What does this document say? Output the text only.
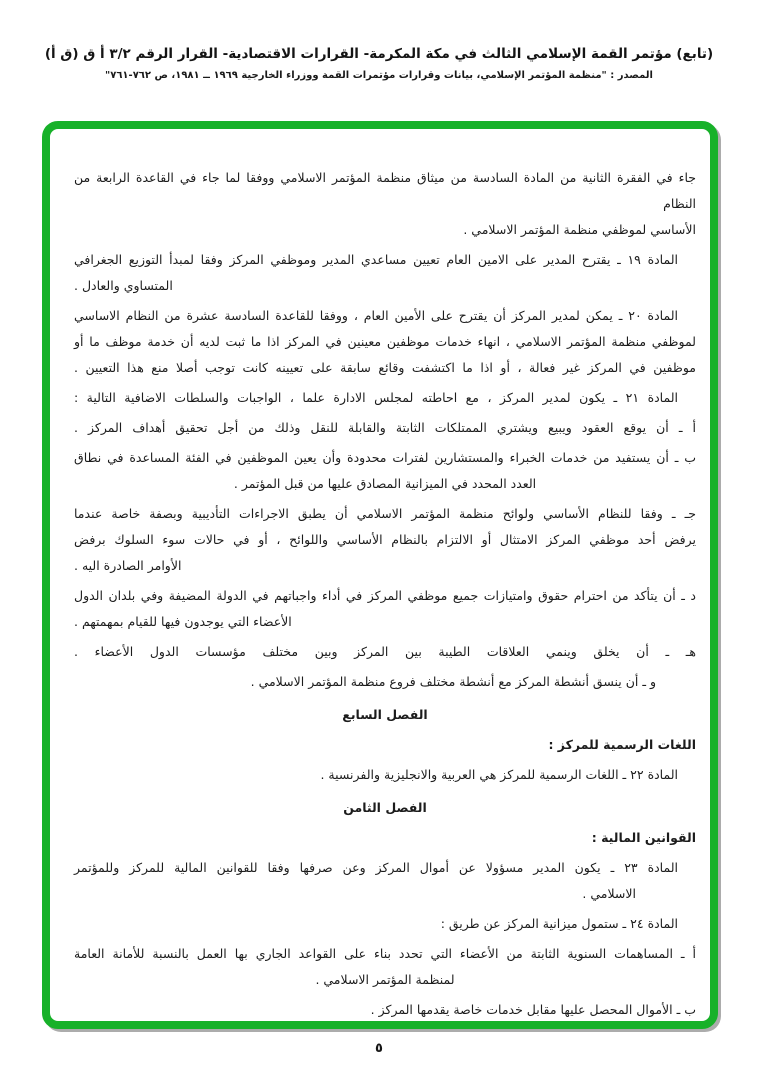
(تابع) مؤتمر القمة الإسلامي الثالث في مكة المكرمة- القرارات الاقتصادية- القرار الرقم ٣/٢ أ ق (ق أ)
المصدر : "منظمة المؤتمر الإسلامي، بيانات وقرارات مؤتمرات القمة ووزراء الخارجية ١٩٦٩ ــ ١٩٨١، ص ٧٦٢-٧٦١"
جاء في الفقرة الثانية من المادة السادسة من ميثاق منظمة المؤتمر الاسلامي ووفقا لما جاء في القاعدة الرابعة من النظام
الأساسي لموظفي منظمة المؤتمر الاسلامي .
المادة ١٩ ـ يقترح المدير على الامين العام تعيين مساعدي المدير وموظفي المركز وفقا لمبدأ التوزيع الجغرافي
المتساوي والعادل .
المادة ٢٠ ـ يمكن لمدير المركز أن يقترح على الأمين العام ، ووفقا للقاعدة السادسة عشرة من النظام الاساسي
لموظفي منظمة المؤتمر الاسلامي ، انهاء خدمات موظفين معينين في المركز اذا ما ثبت لديه أن خدمة موظف ما أو
موظفين في المركز غير فعالة ، أو اذا ما اكتشفت وقائع سابقة على تعيينه كانت توجب أصلا منع هذا التعيين .
المادة ٢١ ـ يكون لمدير المركز ، مع احاطته لمجلس الادارة علما ، الواجبات والسلطات الاضافية التالية :
أ ـ أن يوقع العقود ويبيع ويشتري الممتلكات الثابتة والقابلة للنقل وذلك من أجل تحقيق أهداف المركز .
ب ـ أن يستفيد من خدمات الخبراء والمستشارين لفترات محدودة وأن يعين الموظفين في الفئة المساعدة في نطاق
العدد المحدد في الميزانية المصادق عليها من قبل المؤتمر .
جـ ـ وفقا للنظام الأساسي ولوائح منظمة المؤتمر الاسلامي أن يطبق الاجراءات التأديبية وبصفة خاصة عندما
يرفض أحد موظفي المركز الامتثال أو الالتزام بالنظام الأساسي واللوائح ، أو في حالات سوء السلوك برفض
الأوامر الصادرة اليه .
د ـ أن يتأكد من احترام حقوق وامتيازات جميع موظفي المركز في أداء واجباتهم في الدولة المضيفة وفي بلدان الدول
الأعضاء التي يوجدون فيها للقيام بمهمتهم .
هـ ـ أن يخلق وينمي العلاقات الطيبة بين المركز وبين مختلف مؤسسات الدول الأعضاء .
و ـ أن ينسق أنشطة المركز مع أنشطة مختلف فروع منظمة المؤتمر الاسلامي .
الفصل السابع
اللغات الرسمية للمركز :
المادة ٢٢ ـ اللغات الرسمية للمركز هي العربية والانجليزية والفرنسية .
الفصل الثامن
القوانين المالية :
المادة ٢٣ ـ يكون المدير مسؤولا عن أموال المركز وعن صرفها وفقا للقوانين المالية للمركز وللمؤتمر
الاسلامي .
المادة ٢٤ ـ ستمول ميزانية المركز عن طريق :
أ ـ المساهمات السنوية الثابتة من الأعضاء التي تحدد بناء على القواعد الجاري بها العمل بالنسبة للأمانة العامة
لمنظمة المؤتمر الاسلامي .
ب ـ الأموال المحصل عليها مقابل خدمات خاصة يقدمها المركز .
٥
